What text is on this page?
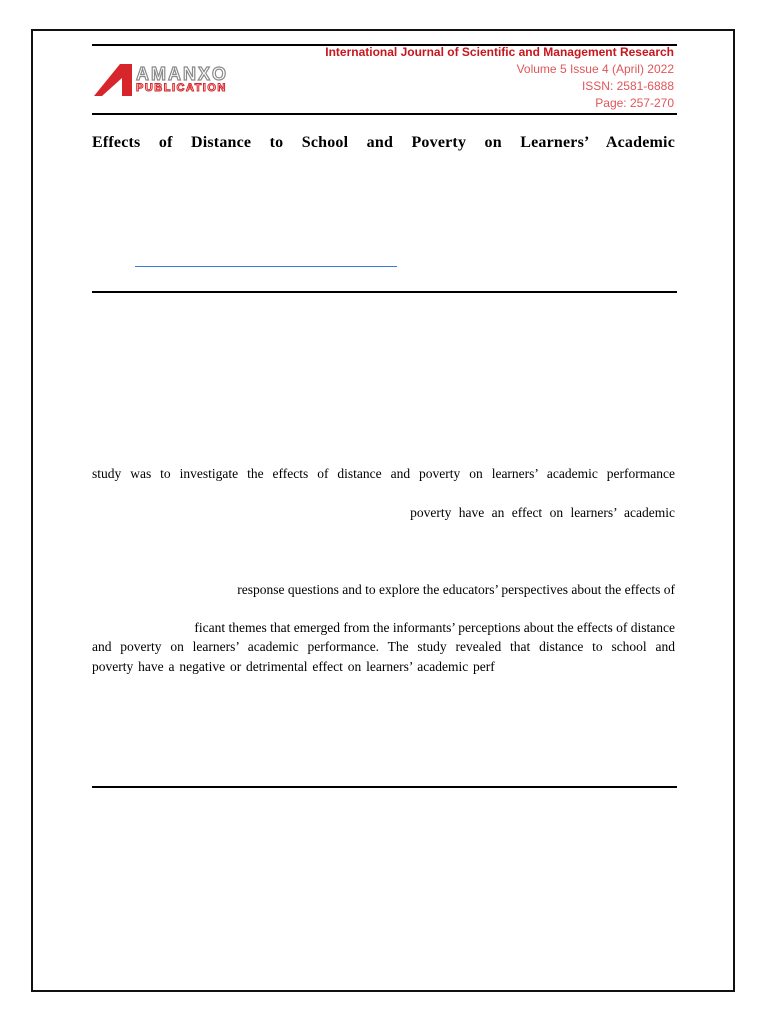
AMANXO
PUBLICATION
International Journal of Scientific and Management Research
Volume 5 Issue 4 (April) 2022
ISSN: 2581-6888
Page: 257-270
Effects of Distance to School and Poverty on Learners’ Academic
study was to investigate the effects of distance and poverty on learners’ academic performance
poverty have an effect on learners’ academic
response questions and to explore the educators’ perspectives about the effects of
ficant themes that emerged from the informants’ perceptions about the effects of distance
and poverty on learners’ academic performance. The study revealed that distance to school and
poverty have a negative or detrimental effect on learners’ academic perf
